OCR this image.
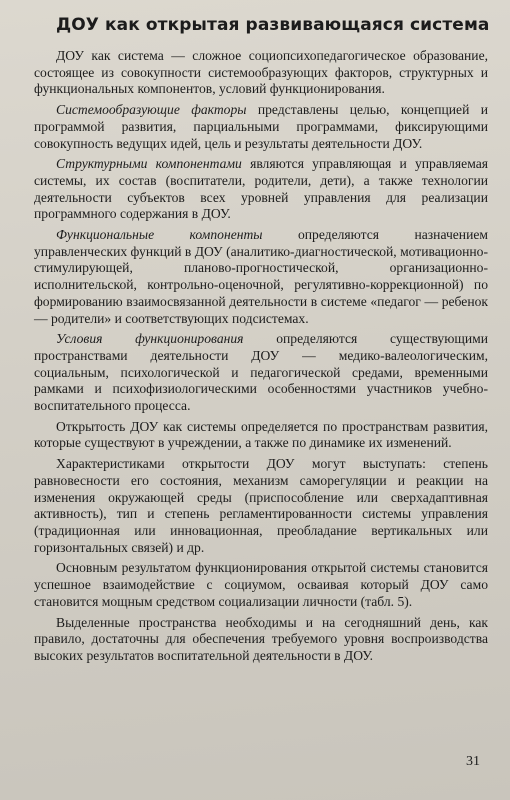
ДОУ как открытая развивающаяся система

ДОУ как система — сложное социопсихопедагогическое образование, состоящее из совокупности системообразующих факторов, структурных и функциональных компонентов, условий функционирования.

Системообразующие факторы представлены целью, концепцией и программой развития, парциальными программами, фиксирующими совокупность ведущих идей, цель и результаты деятельности ДОУ.

Структурными компонентами являются управляющая и управляемая системы, их состав (воспитатели, родители, дети), а также технологии деятельности субъектов всех уровней управления для реализации программного содержания в ДОУ.

Функциональные компоненты определяются назначением управленческих функций в ДОУ (аналитико-диагностической, мотивационно-стимулирующей, планово-прогностической, организационно-исполнительской, контрольно-оценочной, регулятивно-коррекционной) по формированию взаимосвязанной деятельности в системе «педагог — ребенок — родители» и соответствующих подсистемах.

Условия функционирования определяются существующими пространствами деятельности ДОУ — медико-валеологическим, социальным, психологической и педагогической средами, временными рамками и психофизиологическими особенностями участников учебно-воспитательного процесса.

Открытость ДОУ как системы определяется по пространствам развития, которые существуют в учреждении, а также по динамике их изменений.

Характеристиками открытости ДОУ могут выступать: степень равновесности его состояния, механизм саморегуляции и реакции на изменения окружающей среды (приспособление или сверхадаптивная активность), тип и степень регламентированности системы управления (традиционная или инновационная, преобладание вертикальных или горизонтальных связей) и др.

Основным результатом функционирования открытой системы становится успешное взаимодействие с социумом, осваивая который ДОУ само становится мощным средством социализации личности (табл. 5).

Выделенные пространства необходимы и на сегодняшний день, как правило, достаточны для обеспечения требуемого уровня воспроизводства высоких результатов воспитательной деятельности в ДОУ.

31
